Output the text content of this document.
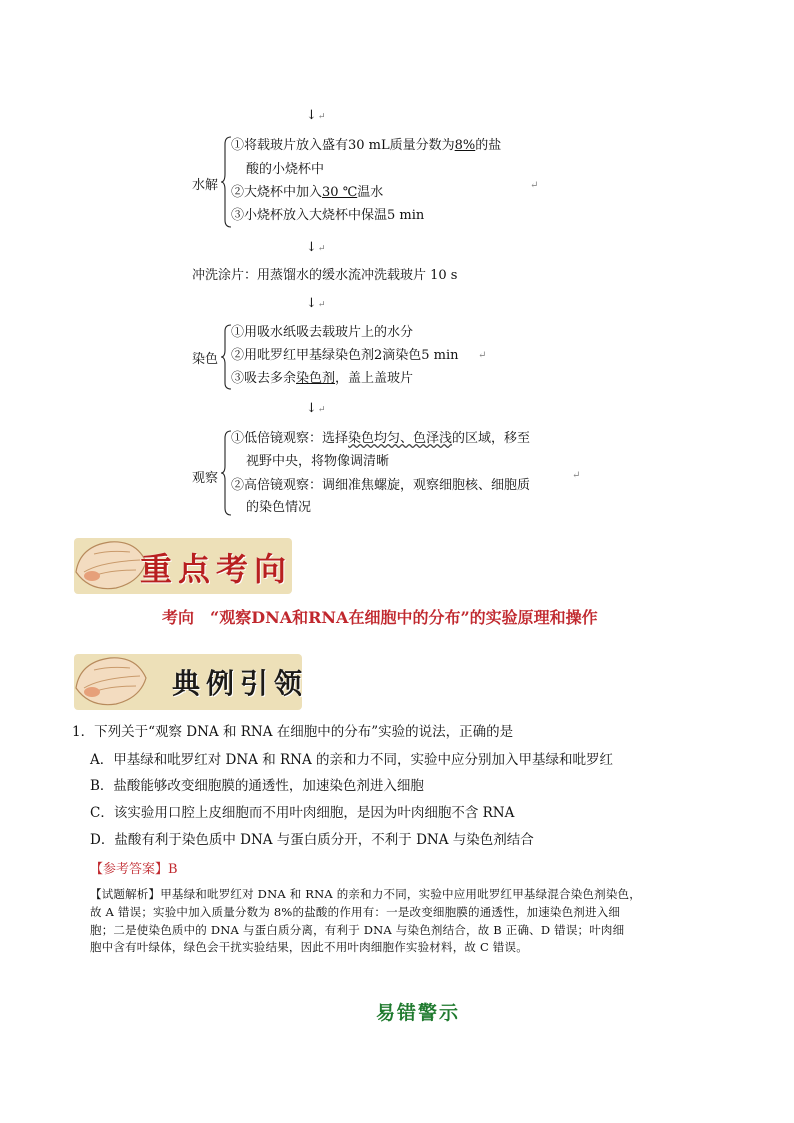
↓↵
水解
①将载玻片放入盛有30 mL质量分数为8%的盐
酸的小烧杯中
②大烧杯中加入30 ℃温水	↵
③小烧杯放入大烧杯中保温5 min
↓↵
冲洗涂片：用蒸馏水的缓水流冲洗载玻片 10 s
↓↵
染色
①用吸水纸吸去载玻片上的水分
②用吡罗红甲基绿染色剂2滴染色5 min ↵
③吸去多余染色剂，盖上盖玻片
↓↵
观察
①低倍镜观察：选择染色均匀、色泽浅的区域，移至
视野中央，将物像调清晰
↵
②高倍镜观察：调细准焦螺旋，观察细胞核、细胞质
的染色情况
重点考向
考向　“观察DNA和RNA在细胞中的分布”的实验原理和操作
典例引领
1．下列关于“观察 DNA 和 RNA 在细胞中的分布”实验的说法，正确的是
A．甲基绿和吡罗红对 DNA 和 RNA 的亲和力不同，实验中应分别加入甲基绿和吡罗红
B．盐酸能够改变细胞膜的通透性，加速染色剂进入细胞
C．该实验用口腔上皮细胞而不用叶肉细胞，是因为叶肉细胞不含 RNA
D．盐酸有利于染色质中 DNA 与蛋白质分开，不利于 DNA 与染色剂结合
【参考答案】B
【试题解析】甲基绿和吡罗红对 DNA 和 RNA 的亲和力不同，实验中应用吡罗红甲基绿混合染色剂染色，
故 A 错误；实验中加入质量分数为 8%的盐酸的作用有：一是改变细胞膜的通透性，加速染色剂进入细
胞；二是使染色质中的 DNA 与蛋白质分离，有利于 DNA 与染色剂结合，故 B 正确、D 错误；叶肉细
胞中含有叶绿体，绿色会干扰实验结果，因此不用叶肉细胞作实验材料，故 C 错误。
易错警示
